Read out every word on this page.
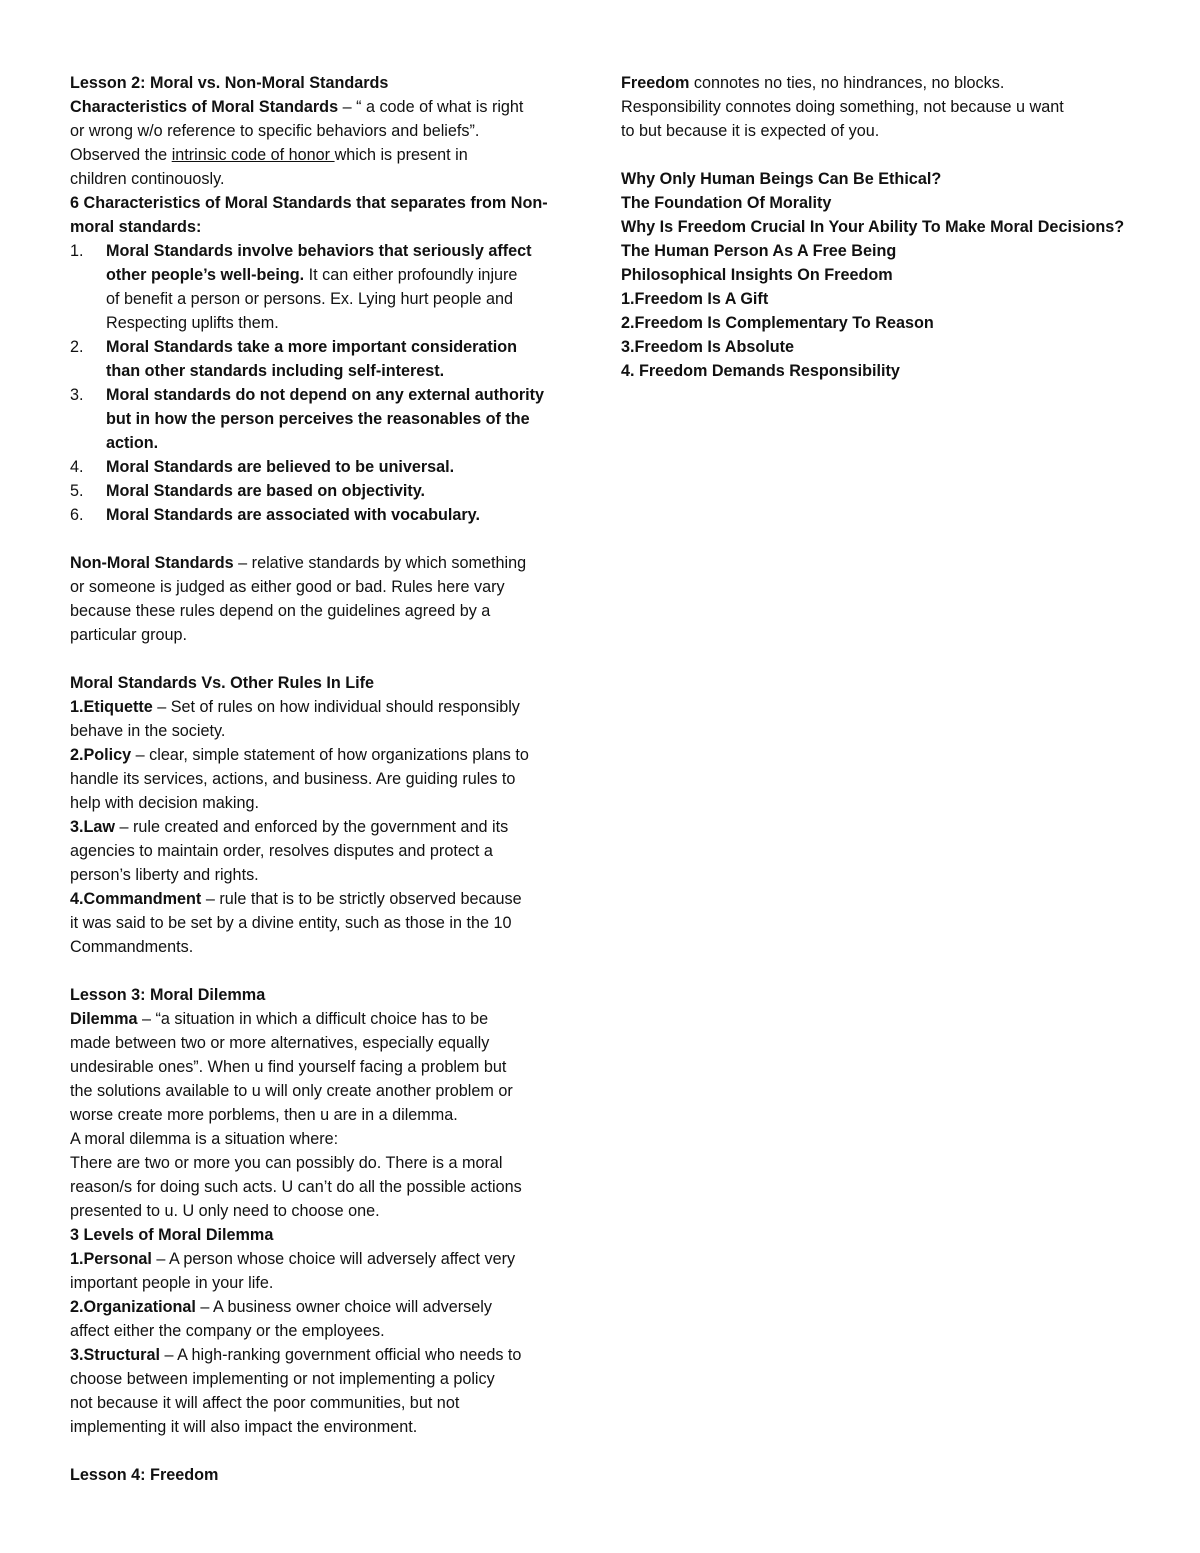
Lesson 2: Moral vs. Non-Moral Standards
Characteristics of Moral Standards – “ a code of what is right
or wrong w/o reference to specific behaviors and beliefs”.
Observed the intrinsic code of honor which is present in
children continouosly.
6 Characteristics of Moral Standards that separates from Non-
moral standards:
1.	Moral Standards involve behaviors that seriously affect
other people’s well-being. It can either profoundly injure
of benefit a person or persons. Ex. Lying hurt people and
Respecting uplifts them.
2.	Moral Standards take a more important consideration
than other standards including self-interest.
3.	Moral standards do not depend on any external authority
but in how the person perceives the reasonables of the
action.
4.	Moral Standards are believed to be universal.
5.	Moral Standards are based on objectivity.
6.	Moral Standards are associated with vocabulary.
Non-Moral Standards – relative standards by which something
or someone is judged as either good or bad. Rules here vary
because these rules depend on the guidelines agreed by a
particular group.
Moral Standards Vs. Other Rules In Life
1.Etiquette – Set of rules on how individual should responsibly
behave in the society.
2.Policy – clear, simple statement of how organizations plans to
handle its services, actions, and business. Are guiding rules to
help with decision making.
3.Law – rule created and enforced by the government and its
agencies to maintain order, resolves disputes and protect a
person’s liberty and rights.
4.Commandment – rule that is to be strictly observed because
it was said to be set by a divine entity, such as those in the 10
Commandments.
Lesson 3: Moral Dilemma
Dilemma – “a situation in which a difficult choice has to be
made between two or more alternatives, especially equally
undesirable ones”. When u find yourself facing a problem but
the solutions available to u will only create another problem or
worse create more porblems, then u are in a dilemma.
A moral dilemma is a situation where:
There are two or more you can possibly do. There is a moral
reason/s for doing such acts. U can’t do all the possible actions
presented to u. U only need to choose one.
3 Levels of Moral Dilemma
1.Personal – A person whose choice will adversely affect very
important people in your life.
2.Organizational – A business owner choice will adversely
affect either the company or the employees.
3.Structural – A high-ranking government official who needs to
choose between implementing or not implementing a policy
not because it will affect the poor communities, but not
implementing it will also impact the environment.
Lesson 4: Freedom
Freedom connotes no ties, no hindrances, no blocks.
Responsibility connotes doing something, not because u want
to but because it is expected of you.
Why Only Human Beings Can Be Ethical?
The Foundation Of Morality
Why Is Freedom Crucial In Your Ability To Make Moral Decisions?
The Human Person As A Free Being
Philosophical Insights On Freedom
1.Freedom Is A Gift
2.Freedom Is Complementary To Reason
3.Freedom Is Absolute
4. Freedom Demands Responsibility
